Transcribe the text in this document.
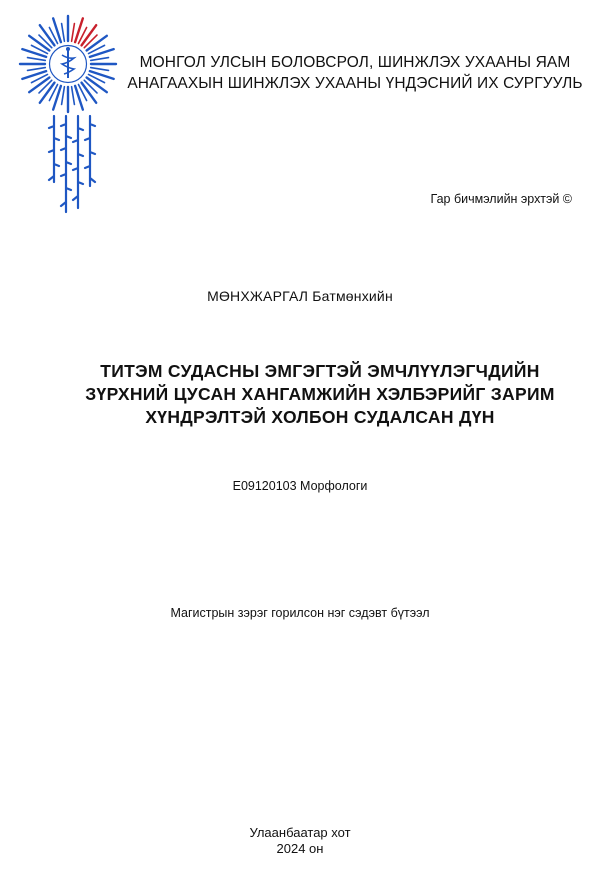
МОНГОЛ УЛСЫН БОЛОВСРОЛ, ШИНЖЛЭХ УХААНЫ ЯАМ
АНАГААХЫН ШИНЖЛЭХ УХААНЫ ҮНДЭСНИЙ ИХ СУРГУУЛЬ
Гар бичмэлийн эрхтэй ©
МӨНХЖАРГАЛ Батмөнхийн
ТИТЭМ СУДАСНЫ ЭМГЭГТЭЙ ЭМЧЛҮҮЛЭГЧДИЙН
ЗҮРХНИЙ ЦУСАН ХАНГАМЖИЙН ХЭЛБЭРИЙГ ЗАРИМ
ХҮНДРЭЛТЭЙ ХОЛБОН СУДАЛСАН ДҮН
E09120103 Морфологи
Магистрын зэрэг горилсон нэг сэдэвт бүтээл
Улаанбаатар хот
2024 он
